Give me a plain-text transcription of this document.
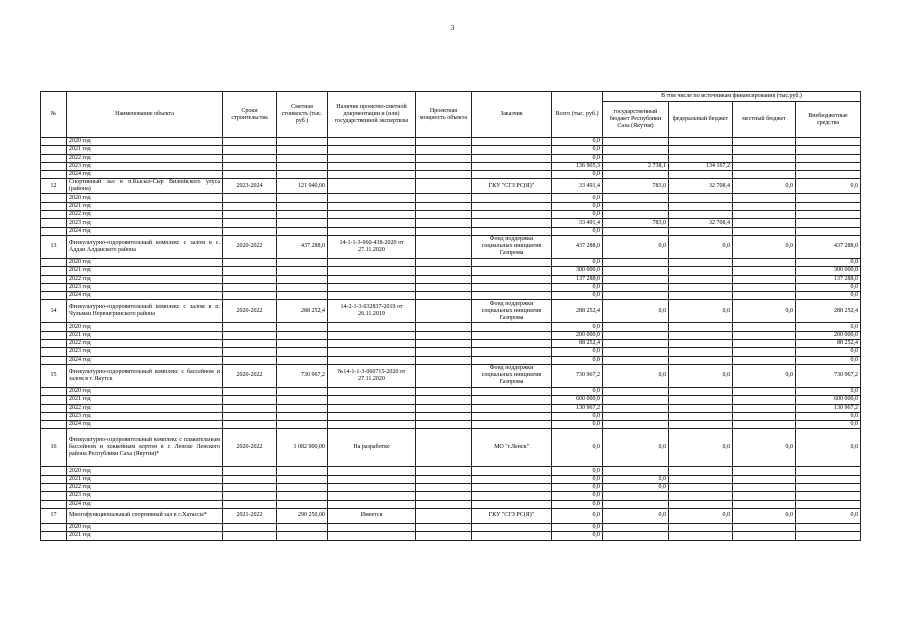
3
№	Наименование объекта	Сроки строительства	Сметная стоимость (тыс. руб.)	Наличие проектно-сметной документации и (или) государственной экспертизы	Проектная мощность объекта	Заказчик	Всего (тыс. руб.)	В том числе по источникам финансирования (тыс.руб.)			
								государственный бюджет Республики Саха (Якутия)	федеральный бюджет	местный бюджет	Внебюджетные средства
	2020 год						0,0				
	2021 год						0,0				
	2022 год						0,0				
	2023 год						136 905,3	2 738,1	134 167,2		
	2024 год						0,0				
12	Спортивный зал в п.Кысыл-Сыр Вилюйского улуса (района)	2023-2024	121 040,00			ГКУ "СГЗ РС(Я)"	33 491,4	783,0	32 708,4	0,0	0,0
	2020 год						0,0				
	2021 год						0,0				
	2022 год						0,0				
	2023 год						33 491,4	783,0	32 708,4		
	2024 год						0,0				
13	Физкультурно-оздоровительный комплекс с залом в с. Аддан Алданского района	2020-2022	437 288,0	14-1-1-3-060-438-2020 от 27.11.2020		Фонд поддержки социальных инициатив Газпрома	437 288,0	0,0	0,0	0,0	437 288,0
	2020 год						0,0				0,0
	2021 год						300 000,0				300 000,0
	2022 год						137 288,0				137 288,0
	2023 год						0,0				0,0
	2024 год						0,0				0,0
14	Физкультурно-оздоровительный комплекс с залом в п. Чульман Нерюнгринского района	2020-2022	288 252,4	14-2-1-3-032837-2019 от 26.11.2019		Фонд поддержки социальных инициатив Газпрома	288 252,4	0,0	0,0	0,0	288 252,4
	2020 год						0,0				0,0
	2021 год						200 000,0				200 000,0
	2022 год						88 252,4				88 252,4
	2023 год						0,0				0,0
	2024 год						0,0				0,0
15	Физкультурно-оздоровительный комплекс с бассейном и залом в г. Якутск	2020-2022	730 967,2	№14-1-1-3-060715-2020 от 27.11.2020		Фонд поддержки социальных инициатив Газпрома	730 967,2	0,0	0,0	0,0	730 967,2
	2020 год						0,0				0,0
	2021 год						600 000,0				600 000,0
	2022 год						130 967,2				130 967,2
	2023 год						0,0				0,0
	2024 год						0,0				0,0
16	Физкультурно-оздоровительный комплекс с плавательным бассейном и хоккейным кортом в г. Ленске Ленского района Республики Саха (Якутия)*	2020-2022	1 082 900,00	На разработке		МО "г.Ленск"	0,0	0,0	0,0	0,0	0,0
	2020 год						0,0				
	2021 год						0,0	0,0			
	2022 год						0,0	0,0			
	2023 год						0,0				
	2024 год						0,0				
17	Многофункциональный спортивный зал в с.Хатассы*	2021-2022	290 250,00	Имеется		ГКУ "СГЗ РС(Я)"	0,0	0,0	0,0	0,0	0,0
	2020 год						0,0				
	2021 год						0,0				
